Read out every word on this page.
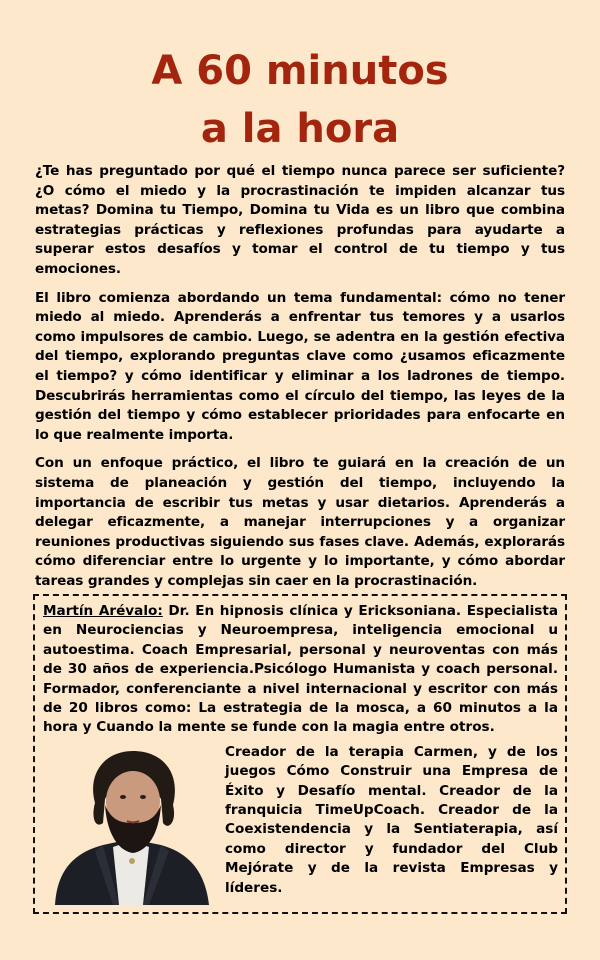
A 60 minutos
a la hora

¿Te has preguntado por qué el tiempo nunca parece ser suficiente? ¿O cómo el miedo y la procrastinación te impiden alcanzar tus metas? Domina tu Tiempo, Domina tu Vida es un libro que combina estrategias prácticas y reflexiones profundas para ayudarte a superar estos desafíos y tomar el control de tu tiempo y tus emociones.

El libro comienza abordando un tema fundamental: cómo no tener miedo al miedo. Aprenderás a enfrentar tus temores y a usarlos como impulsores de cambio. Luego, se adentra en la gestión efectiva del tiempo, explorando preguntas clave como ¿usamos eficazmente el tiempo? y cómo identificar y eliminar a los ladrones de tiempo. Descubrirás herramientas como el círculo del tiempo, las leyes de la gestión del tiempo y cómo establecer prioridades para enfocarte en lo que realmente importa.

Con un enfoque práctico, el libro te guiará en la creación de un sistema de planeación y gestión del tiempo, incluyendo la importancia de escribir tus metas y usar dietarios. Aprenderás a delegar eficazmente, a manejar interrupciones y a organizar reuniones productivas siguiendo sus fases clave. Además, explorarás cómo diferenciar entre lo urgente y lo importante, y cómo abordar tareas grandes y complejas sin caer en la procrastinación.

Martín Arévalo: Dr. En hipnosis clínica y Ericksoniana. Especialista en Neurociencias y Neuroempresa, inteligencia emocional u autoestima. Coach Empresarial, personal y neuroventas con más de 30 años de experiencia.Psicólogo Humanista y coach personal. Formador, conferenciante a nivel internacional y escritor con más de 20 libros como: La estrategia de la mosca, a 60 minutos a la hora y Cuando la mente se funde con la magia entre otros.

Creador de la terapia Carmen, y de los juegos Cómo Construir una Empresa de Éxito y Desafío mental. Creador de la franquicia TimeUpCoach. Creador de la Coexistendencia y la Sentiaterapia, así como director y fundador del Club Mejórate y de la revista Empresas y líderes.
